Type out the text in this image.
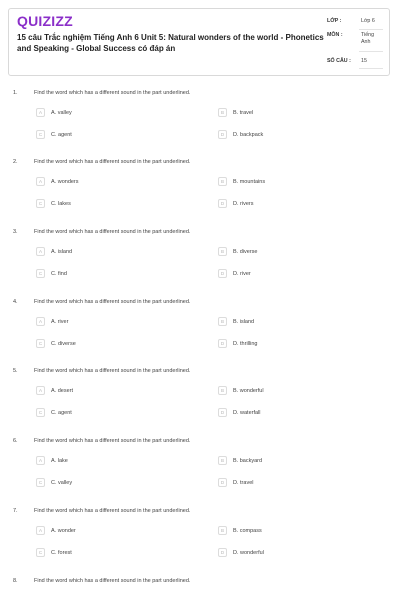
QUIZIZZ
15 câu Trắc nghiệm Tiếng Anh 6 Unit 5: Natural wonders of the world - Phonetics and Speaking - Global Success có đáp án
LỚP :	Lớp 6
MÔN :	Tiếng Anh
SỐ CÂU : 15
1.	Find the word which has a different sound in the part underlined.
A	A. valley	B	B. travel
C	C. agent	D	D. backpack
2.	Find the word which has a different sound in the part underlined.
A	A. wonders	B	B. mountains
C	C. lakes	D	D. rivers
3.	Find the word which has a different sound in the part underlined.
A	A. island	B	B. diverse
C	C. find	D	D. river
4.	Find the word which has a different sound in the part underlined.
A	A. river	B	B. island
C	C. diverse	D	D. thrilling
5.	Find the word which has a different sound in the part underlined.
A	A. desert	B	B. wonderful
C	C. agent	D	D. waterfall
6.	Find the word which has a different sound in the part underlined.
A	A. lake	B	B. backyard
C	C. valley	D	D. travel
7.	Find the word which has a different sound in the part underlined.
A	A. wonder	B	B. compass
C	C. forest	D	D. wonderful
8.	Find the word which has a different sound in the part underlined.
